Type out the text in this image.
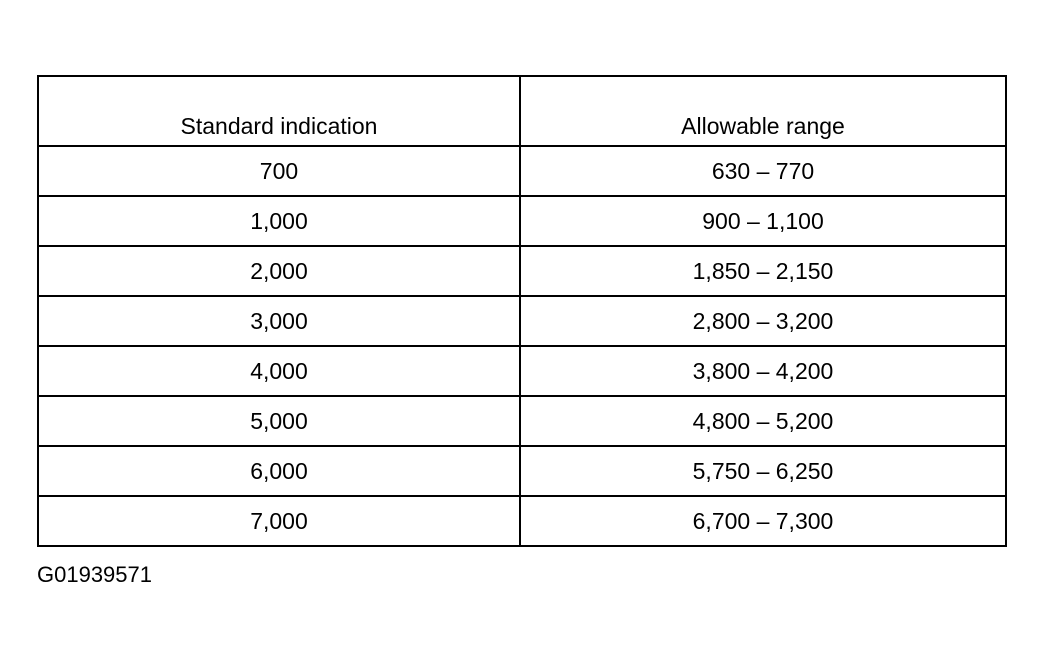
Standard indication	Allowable range
700	630 – 770
1,000	900 – 1,100
2,000	1,850 – 2,150
3,000	2,800 – 3,200
4,000	3,800 – 4,200
5,000	4,800 – 5,200
6,000	5,750 – 6,250
7,000	6,700 – 7,300
G01939571
